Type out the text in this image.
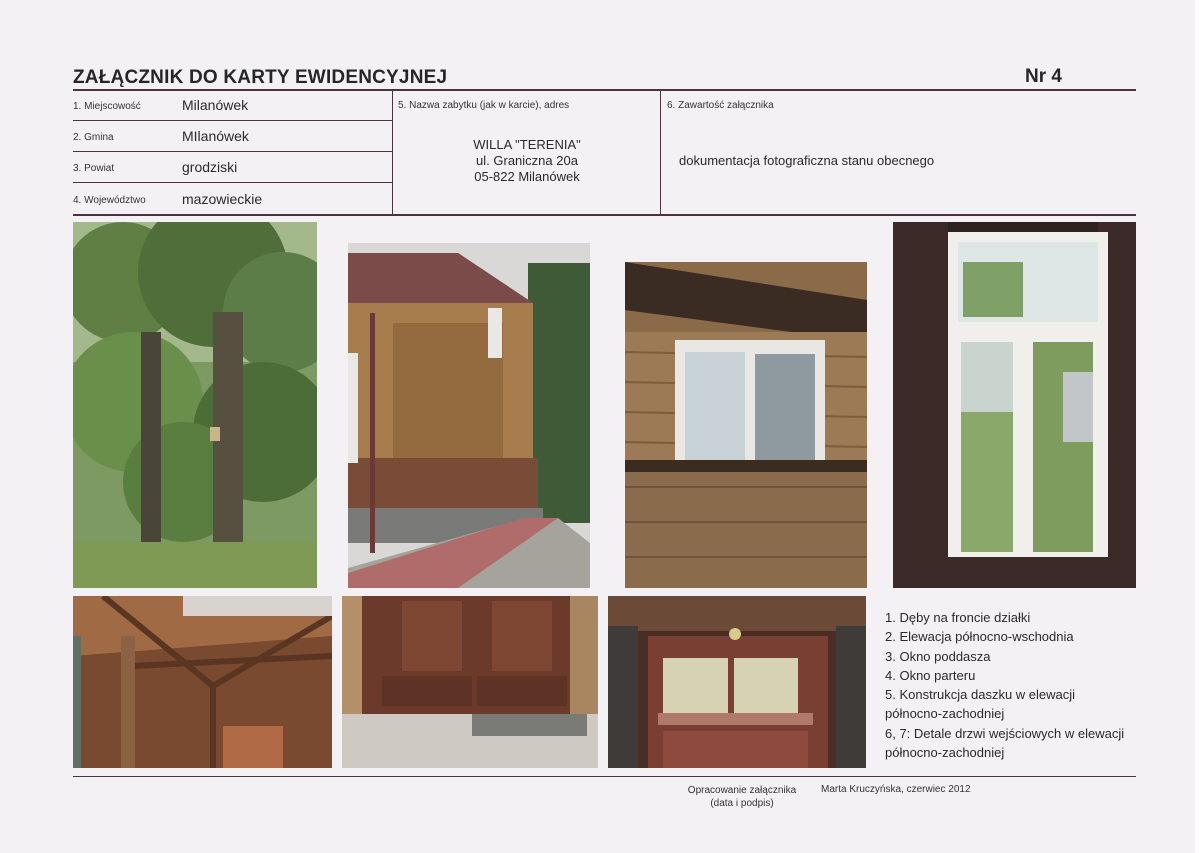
ZAŁĄCZNIK DO KARTY EWIDENCYJNEJ	Nr 4
1. Miejscowość	Milanówek
2. Gmina	MIlanówek
3. Powiat	grodziski
4. Województwo	mazowieckie
5. Nazwa zabytku (jak w karcie), adres
WILLA "TERENIA"
ul. Graniczna 20a
05-822 Milanówek
6. Zawartość załącznika
dokumentacja fotograficzna stanu obecnego
1. Dęby na froncie działki
2. Elewacja północno-wschodnia
3. Okno poddasza
4. Okno parteru
5. Konstrukcja daszku w elewacji
północno-zachodniej
6, 7: Detale drzwi wejściowych w elewacji
północno-zachodniej
Opracowanie załącznika
(data i podpis)
Marta Kruczyńska, czerwiec 2012
